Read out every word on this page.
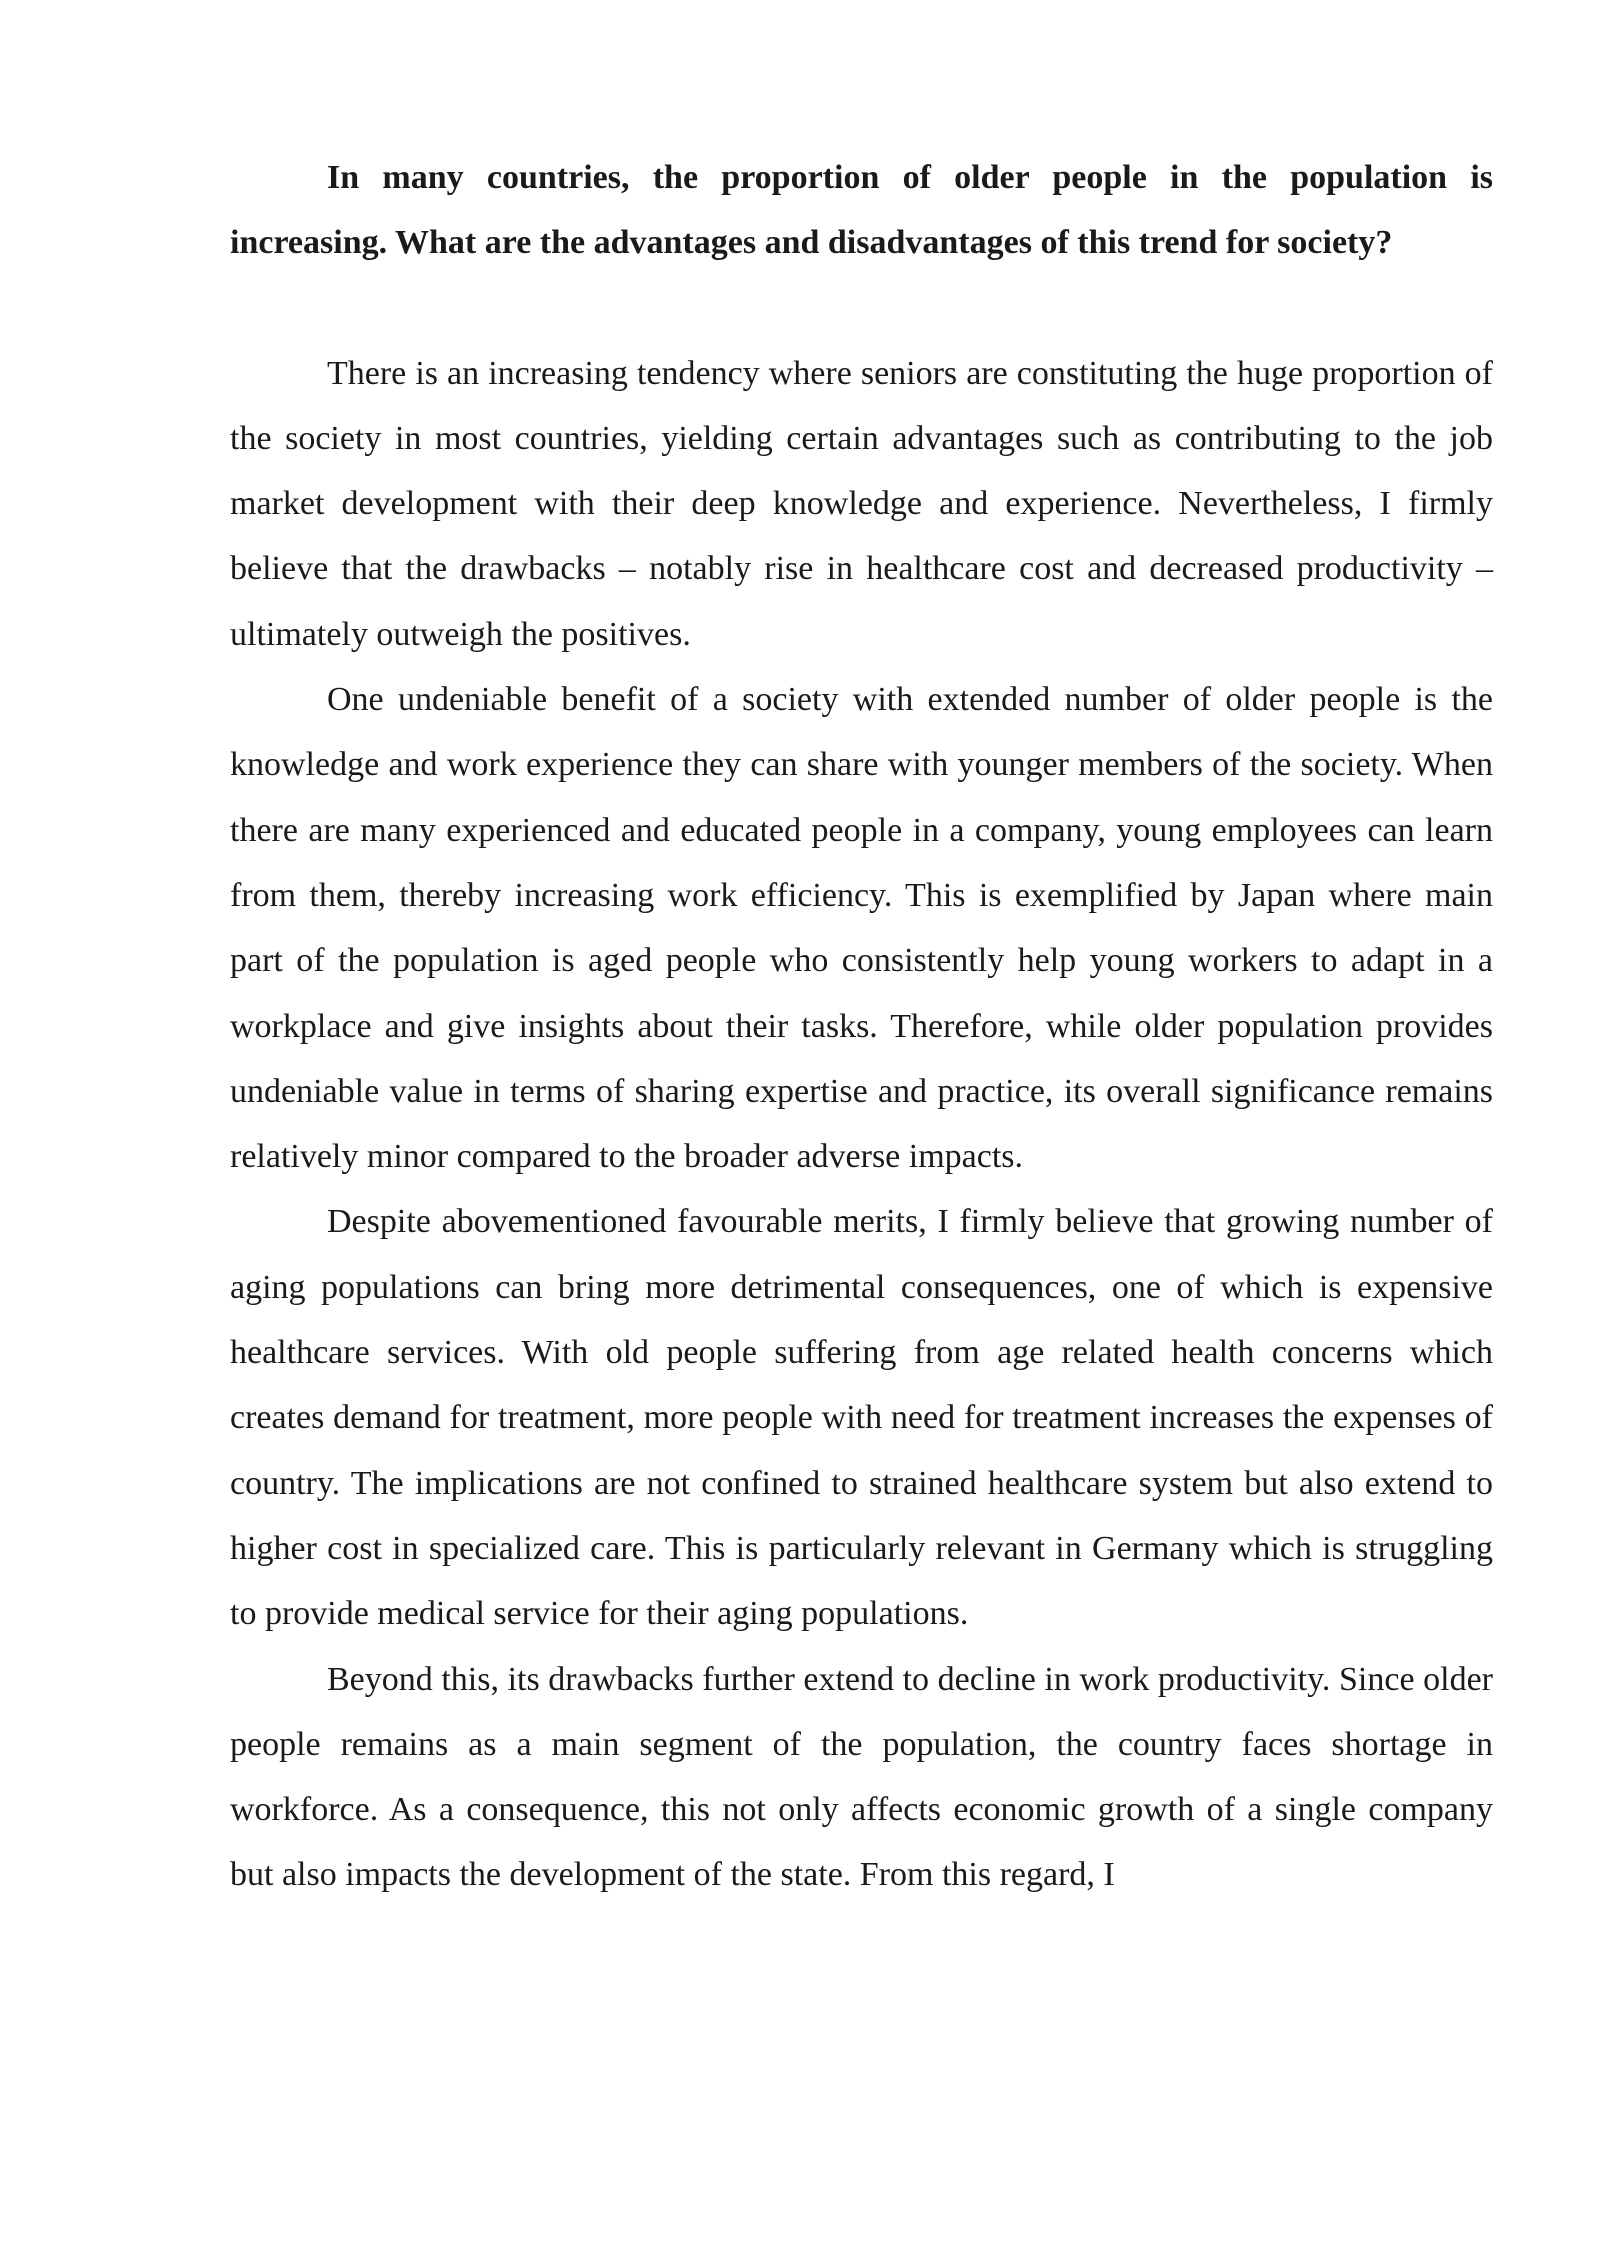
In many countries, the proportion of older people in the population is increasing. What are the advantages and disadvantages of this trend for society?

There is an increasing tendency where seniors are constituting the huge proportion of the society in most countries, yielding certain advantages such as contributing to the job market development with their deep knowledge and experience. Nevertheless, I firmly believe that the drawbacks – notably rise in healthcare cost and decreased productivity – ultimately outweigh the positives.

One undeniable benefit of a society with extended number of older people is the knowledge and work experience they can share with younger members of the society. When there are many experienced and educated people in a company, young employees can learn from them, thereby increasing work efficiency. This is exemplified by Japan where main part of the population is aged people who consistently help young workers to adapt in a workplace and give insights about their tasks. Therefore, while older population provides undeniable value in terms of sharing expertise and practice, its overall significance remains relatively minor compared to the broader adverse impacts.

Despite abovementioned favourable merits, I firmly believe that growing number of aging populations can bring more detrimental consequences, one of which is expensive healthcare services. With old people suffering from age related health concerns which creates demand for treatment, more people with need for treatment increases the expenses of country. The implications are not confined to strained healthcare system but also extend to higher cost in specialized care. This is particularly relevant in Germany which is struggling to provide medical service for their aging populations.

Beyond this, its drawbacks further extend to decline in work productivity. Since older people remains as a main segment of the population, the country faces shortage in workforce. As a consequence, this not only affects economic growth of a single company but also impacts the development of the state. From this regard, I
